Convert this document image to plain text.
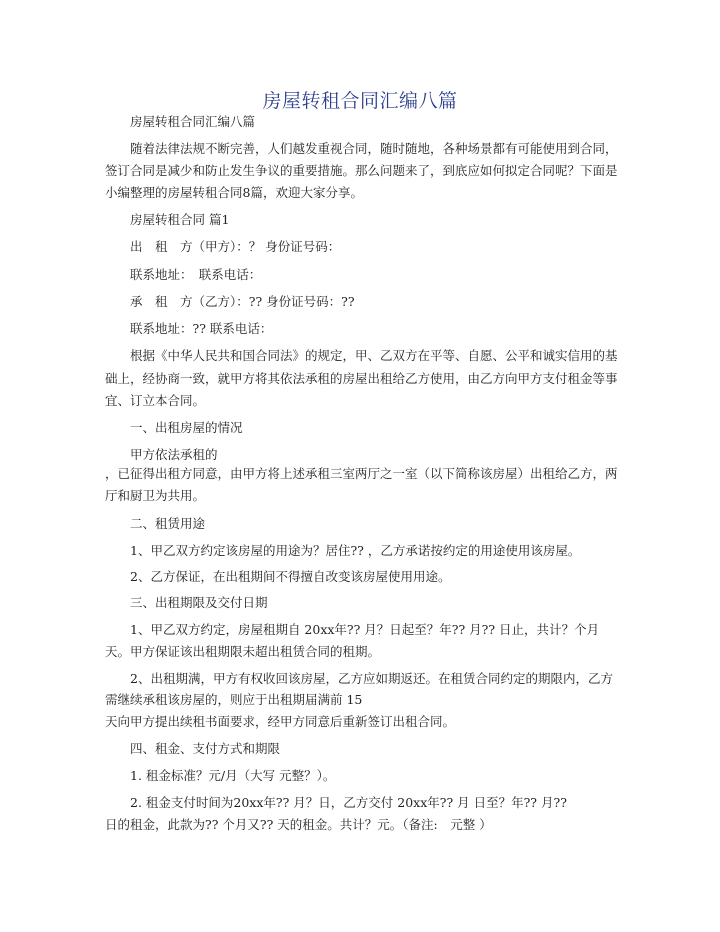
房屋转租合同汇编八篇
房屋转租合同汇编八篇
随着法律法规不断完善，人们越发重视合同，随时随地，各种场景都有可能使用到合同，
签订合同是减少和防止发生争议的重要措施。那么问题来了，到底应如何拟定合同呢？下面是
小编整理的房屋转租合同8篇，欢迎大家分享。
房屋转租合同 篇1
出　租　方（甲方）：？ 身份证号码：
联系地址：　联系电话：
承　租　方（乙方）：?? 身份证号码：??
联系地址：?? 联系电话：
根据《中华人民共和国合同法》的规定，甲、乙双方在平等、自愿、公平和诚实信用的基
础上，经协商一致，就甲方将其依法承租的房屋出租给乙方使用，由乙方向甲方支付租金等事
宜、订立本合同。
一、出租房屋的情况
甲方依法承租的
，已征得出租方同意，由甲方将上述承租三室两厅之一室（以下简称该房屋）出租给乙方，两
厅和厨卫为共用。
二、租赁用途
1、甲乙双方约定该房屋的用途为？居住?? ，乙方承诺按约定的用途使用该房屋。
2、乙方保证，在出租期间不得擅自改变该房屋使用用途。
三、出租期限及交付日期
1、甲乙双方约定，房屋租期自 20xx年?? 月？日起至？年?? 月?? 日止，共计？个月
天。甲方保证该出租期限未超出租赁合同的租期。
2、出租期满，甲方有权收回该房屋，乙方应如期返还。在租赁合同约定的期限内，乙方
需继续承租该房屋的，则应于出租期届满前 15
天向甲方提出续租书面要求，经甲方同意后重新签订出租合同。
四、租金、支付方式和期限
1. 租金标准？元/月（大写 元整？）。
2. 租金支付时间为20xx年?? 月？日，乙方交付 20xx年?? 月 日至？年?? 月??
日的租金，此款为?? 个月又?? 天的租金。共计？元。（备注:　元整 ）
